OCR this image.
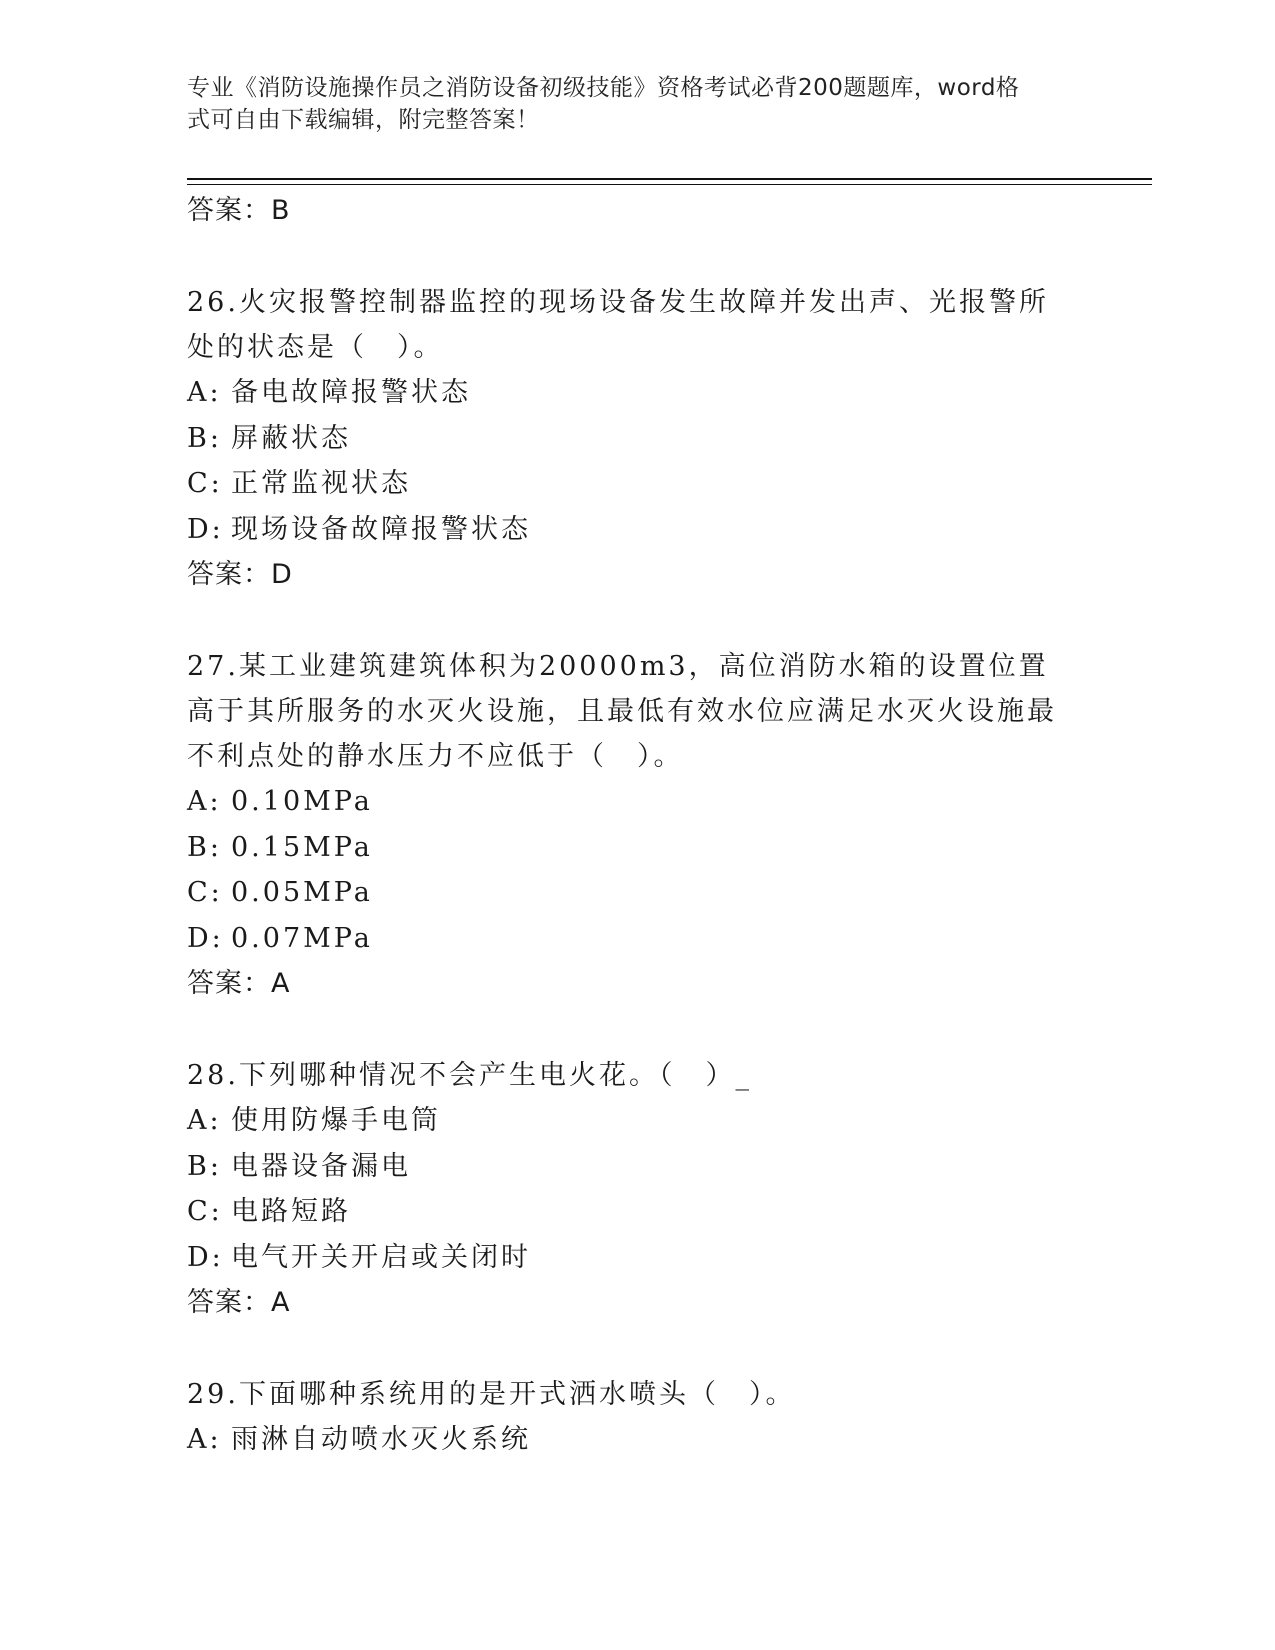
专业《消防设施操作员之消防设备初级技能》资格考试必背200题题库，word格
式可自由下载编辑，附完整答案！
答案：B
26.火灾报警控制器监控的现场设备发生故障并发出声、光报警所处的状态是（　）。
A: 备电故障报警状态
B: 屏蔽状态
C: 正常监视状态
D: 现场设备故障报警状态
答案：D
27.某工业建筑建筑体积为20000m3，高位消防水箱的设置位置高于其所服务的水灭火设施，且最低有效水位应满足水灭火设施最不利点处的静水压力不应低于（　）。
A: 0.10MPa
B: 0.15MPa
C: 0.05MPa
D: 0.07MPa
答案：A
28.下列哪种情况不会产生电火花。（　）_
A: 使用防爆手电筒
B: 电器设备漏电
C: 电路短路
D: 电气开关开启或关闭时
答案：A
29.下面哪种系统用的是开式洒水喷头（　）。
A: 雨淋自动喷水灭火系统
